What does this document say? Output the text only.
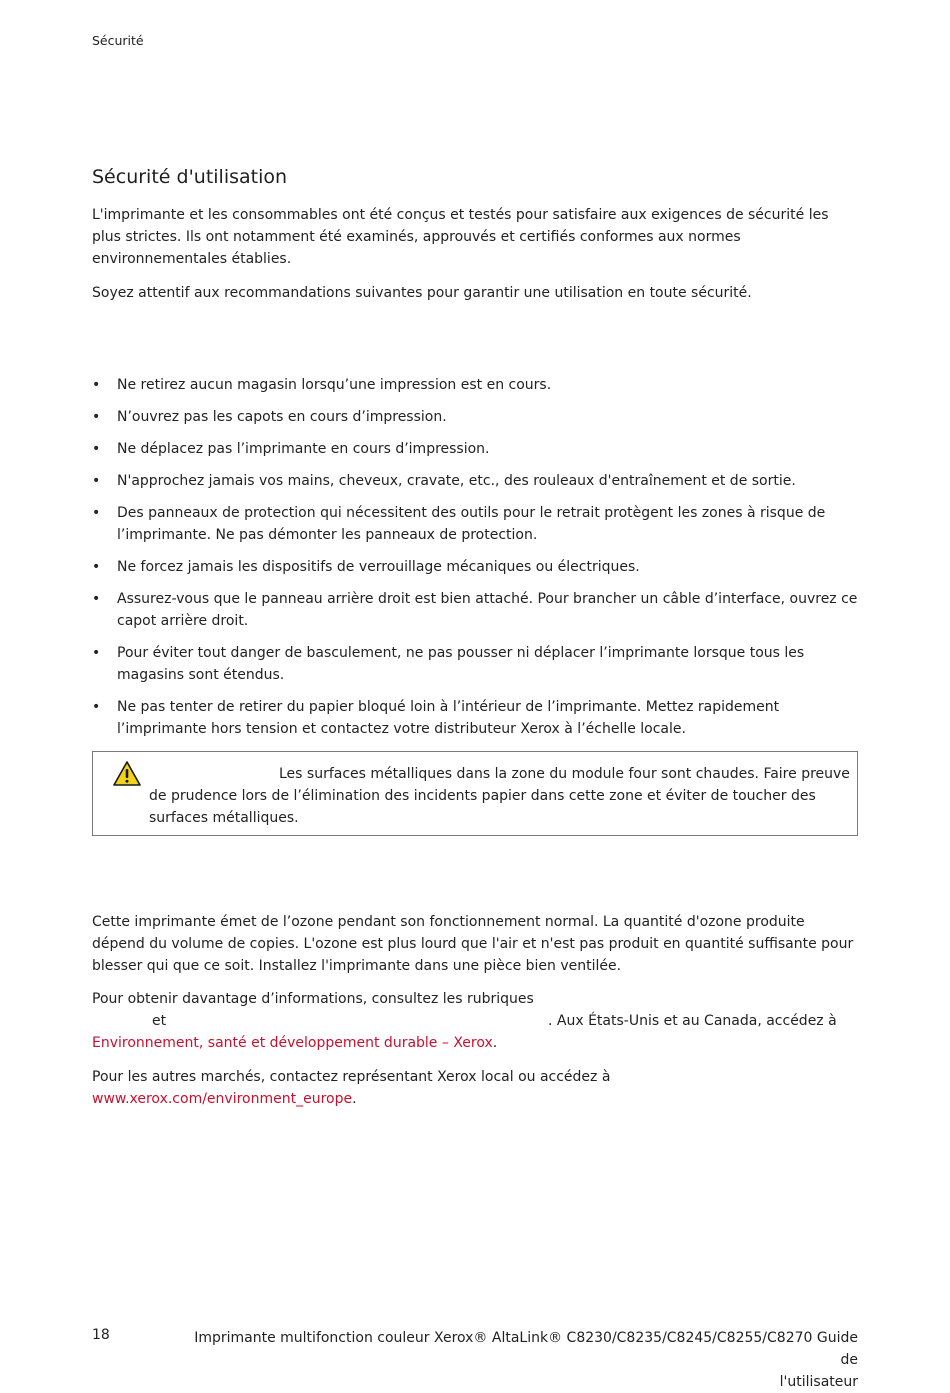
Sécurité
Sécurité d'utilisation

L'imprimante et les consommables ont été conçus et testés pour satisfaire aux exigences de sécurité les plus strictes. Ils ont notamment été examinés, approuvés et certifiés conformes aux normes environnementales établies.

Soyez attentif aux recommandations suivantes pour garantir une utilisation en toute sécurité.

• Ne retirez aucun magasin lorsqu’une impression est en cours.
• N’ouvrez pas les capots en cours d’impression.
• Ne déplacez pas l’imprimante en cours d’impression.
• N'approchez jamais vos mains, cheveux, cravate, etc., des rouleaux d'entraînement et de sortie.
• Des panneaux de protection qui nécessitent des outils pour le retrait protègent les zones à risque de l’imprimante. Ne pas démonter les panneaux de protection.
• Ne forcez jamais les dispositifs de verrouillage mécaniques ou électriques.
• Assurez-vous que le panneau arrière droit est bien attaché. Pour brancher un câble d’interface, ouvrez ce capot arrière droit.
• Pour éviter tout danger de basculement, ne pas pousser ni déplacer l’imprimante lorsque tous les magasins sont étendus.
• Ne pas tenter de retirer du papier bloqué loin à l’intérieur de l’imprimante. Mettez rapidement l’imprimante hors tension et contactez votre distributeur Xerox à l’échelle locale.

Les surfaces métalliques dans la zone du module four sont chaudes. Faire preuve de prudence lors de l’élimination des incidents papier dans cette zone et éviter de toucher des surfaces métalliques.

Cette imprimante émet de l’ozone pendant son fonctionnement normal. La quantité d'ozone produite dépend du volume de copies. L'ozone est plus lourd que l'air et n'est pas produit en quantité suffisante pour blesser qui que ce soit. Installez l'imprimante dans une pièce bien ventilée.

Pour obtenir davantage d’informations, consultez les rubriques
et	. Aux États-Unis et au Canada, accédez à
Environnement, santé et développement durable – Xerox.

Pour les autres marchés, contactez représentant Xerox local ou accédez à www.xerox.com/environment_europe.

18	Imprimante multifonction couleur Xerox® AltaLink® C8230/C8235/C8245/C8255/C8270 Guide de
l'utilisateur
